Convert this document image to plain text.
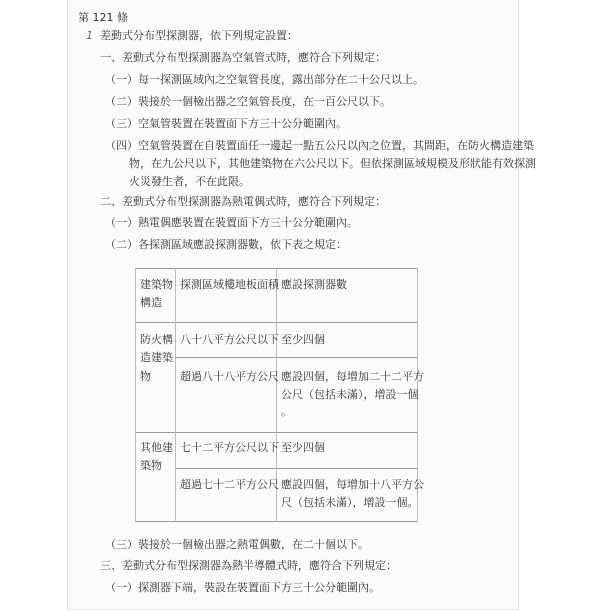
第 121 條
1 差動式分布型探測器，依下列規定設置：
一、差動式分布型探測器為空氣管式時，應符合下列規定：
（一）每一探測區域內之空氣管長度，露出部分在二十公尺以上。
（二）裝接於一個檢出器之空氣管長度，在一百公尺以下。
（三）空氣管裝置在裝置面下方三十公分範圍內。
（四）空氣管裝置在自裝置面任一邊起一點五公尺以內之位置，其間距，在防火構造建築
物，在九公尺以下，其他建築物在六公尺以下。但依探測區域規模及形狀能有效探測
火災發生者，不在此限。
二、差動式分布型探測器為熱電偶式時，應符合下列規定：
（一）熱電偶應裝置在裝置面下方三十公分範圍內。
（二）各探測區域應設探測器數，依下表之規定：
建築物
構造
探測區域樓地板面積 應設探測器數
防火構
造建築
物
八十八平方公尺以下 至少四個
超過八十八平方公尺 應設四個，每增加二十二平方
公尺（包括未滿），增設一個
。
其他建
築物
七十二平方公尺以下 至少四個
超過七十二平方公尺 應設四個，每增加十八平方公
尺（包括未滿），增設一個。
（三）裝接於一個檢出器之熱電偶數，在二十個以下。
三、差動式分布型探測器為熱半導體式時，應符合下列規定：
（一）探測器下端，裝設在裝置面下方三十公分範圍內。
